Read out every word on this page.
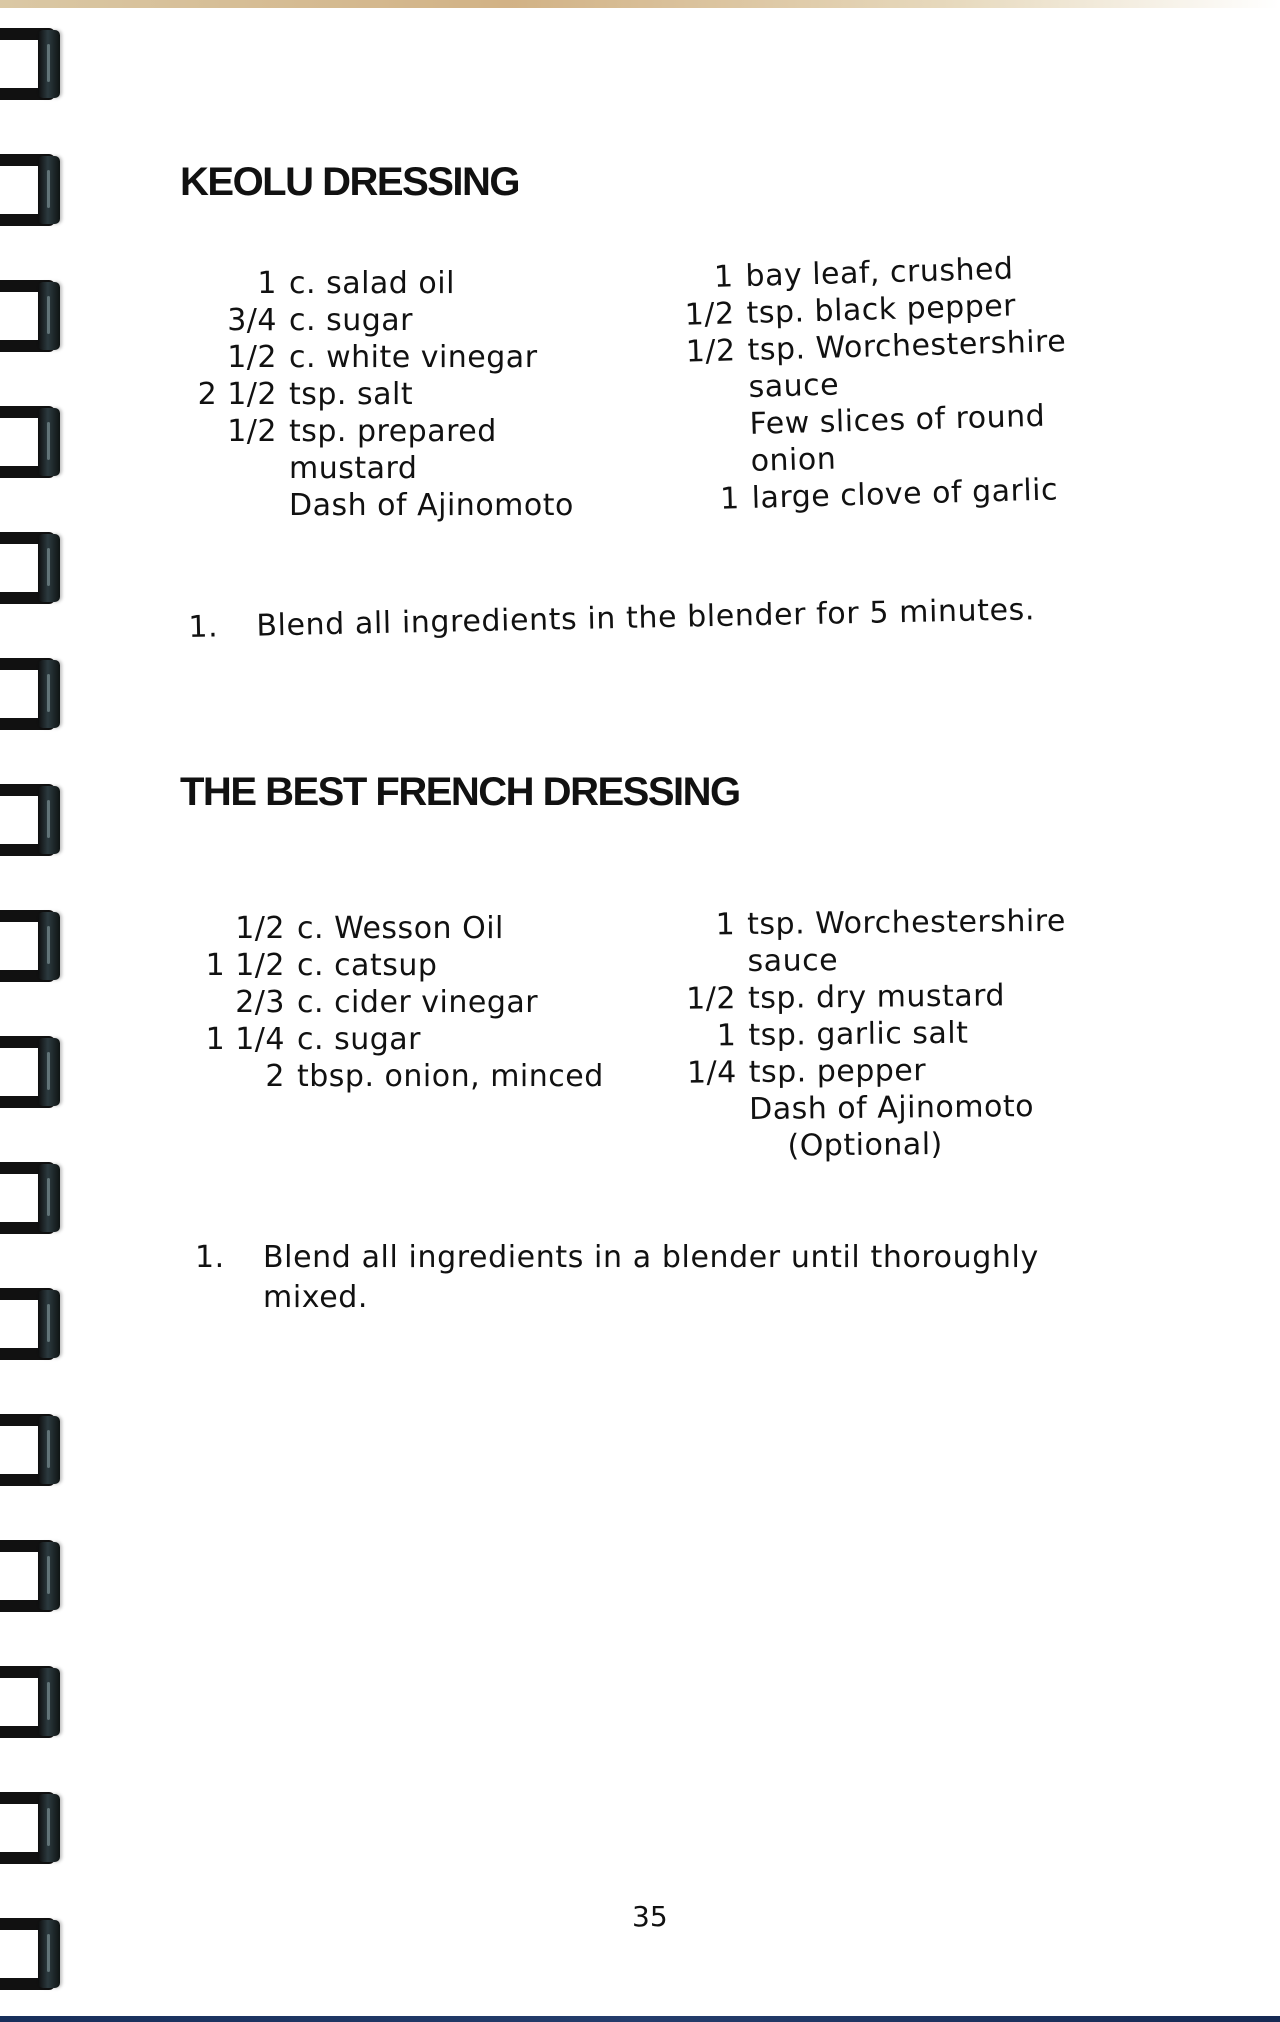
KEOLU DRESSING
1 c. salad oil
3/4 c. sugar
1/2 c. white vinegar
2 1/2 tsp. salt
1/2 tsp. prepared
mustard
Dash of Ajinomoto
1 bay leaf, crushed
1/2 tsp. black pepper
1/2 tsp. Worchestershire
sauce
Few slices of round
onion
1 large clove of garlic
1. Blend all ingredients in the blender for 5 minutes.
THE BEST FRENCH DRESSING
1/2 c. Wesson Oil
1 1/2 c. catsup
2/3 c. cider vinegar
1 1/4 c. sugar
2 tbsp. onion, minced
1 tsp. Worchestershire
sauce
1/2 tsp. dry mustard
1 tsp. garlic salt
1/4 tsp. pepper
Dash of Ajinomoto
(Optional)
1. Blend all ingredients in a blender until thoroughly
mixed.
35
